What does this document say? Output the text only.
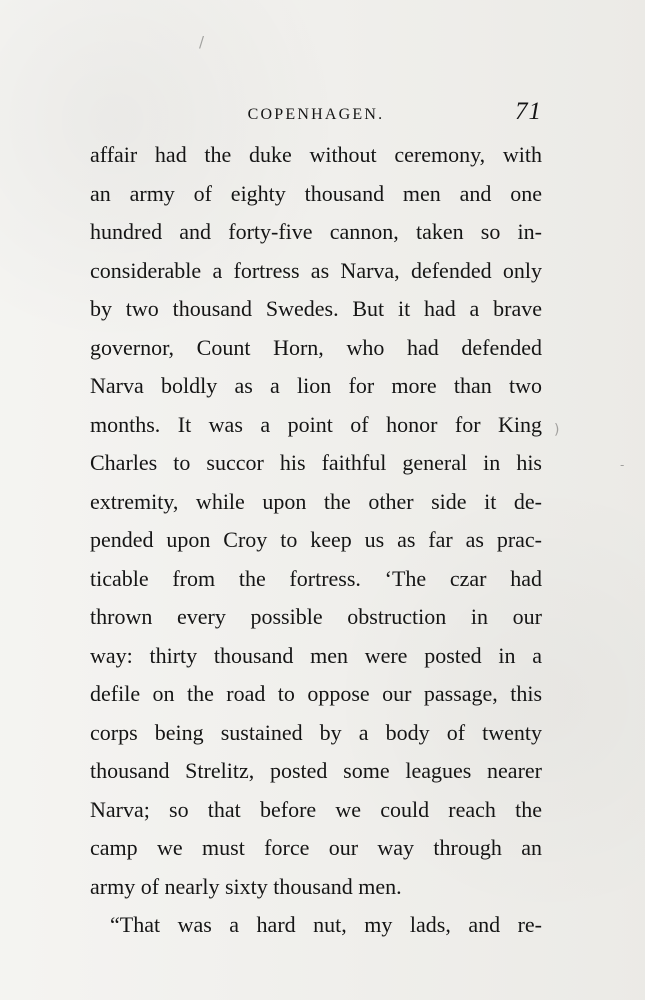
/
-
)
COPENHAGEN.	71
affair had the duke without ceremony, with
an army of eighty thousand men and one
hundred and forty-five cannon, taken so in-
considerable a fortress as Narva, defended only
by two thousand Swedes. But it had a brave
governor, Count Horn, who had defended
Narva boldly as a lion for more than two
months. It was a point of honor for King
Charles to succor his faithful general in his
extremity, while upon the other side it de-
pended upon Croy to keep us as far as prac-
ticable from the fortress. ‘The czar had
thrown every possible obstruction in our
way: thirty thousand men were posted in a
defile on the road to oppose our passage, this
corps being sustained by a body of twenty
thousand Strelitz, posted some leagues nearer
Narva; so that before we could reach the
camp we must force our way through an
army of nearly sixty thousand men.
“That was a hard nut, my lads, and re-
